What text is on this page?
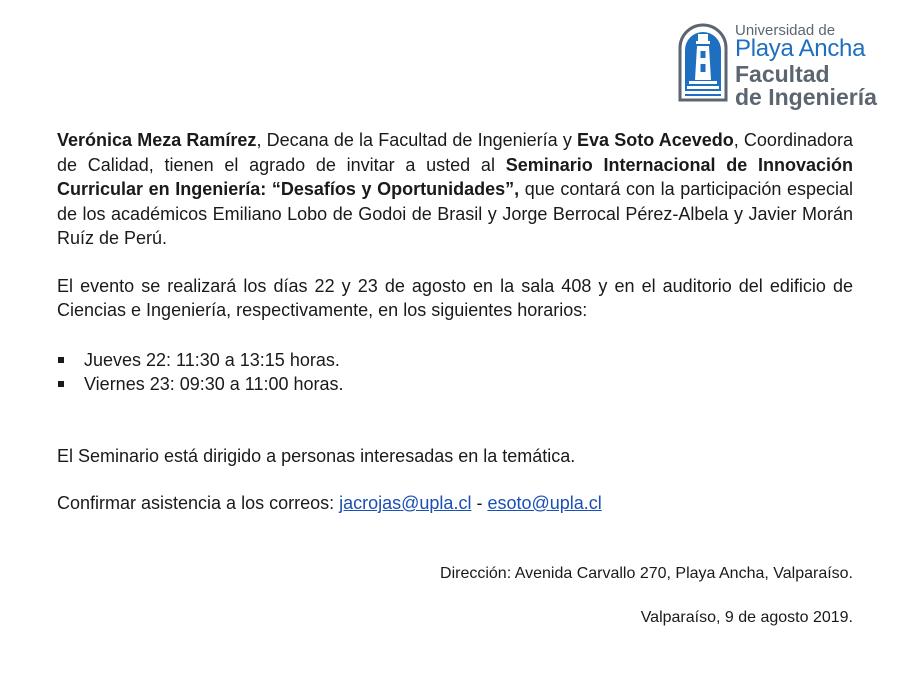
Universidad de
Playa Ancha
Facultad
de Ingeniería

Verónica Meza Ramírez, Decana de la Facultad de Ingeniería y Eva Soto Acevedo, Coordinadora de Calidad, tienen el agrado de invitar a usted al Seminario Internacional de Innovación Curricular en Ingeniería: “Desafíos y Oportunidades”, que contará con la participación especial de los académicos Emiliano Lobo de Godoi de Brasil y Jorge Berrocal Pérez-Albela y Javier Morán Ruíz de Perú.

El evento se realizará los días 22 y 23 de agosto en la sala 408 y en el auditorio del edificio de Ciencias e Ingeniería, respectivamente, en los siguientes horarios:

Jueves 22: 11:30 a 13:15 horas.
Viernes 23: 09:30 a 11:00 horas.

El Seminario está dirigido a personas interesadas en la temática.

Confirmar asistencia a los correos: jacrojas@upla.cl - esoto@upla.cl

Dirección: Avenida Carvallo 270, Playa Ancha, Valparaíso.
Valparaíso, 9 de agosto 2019.
